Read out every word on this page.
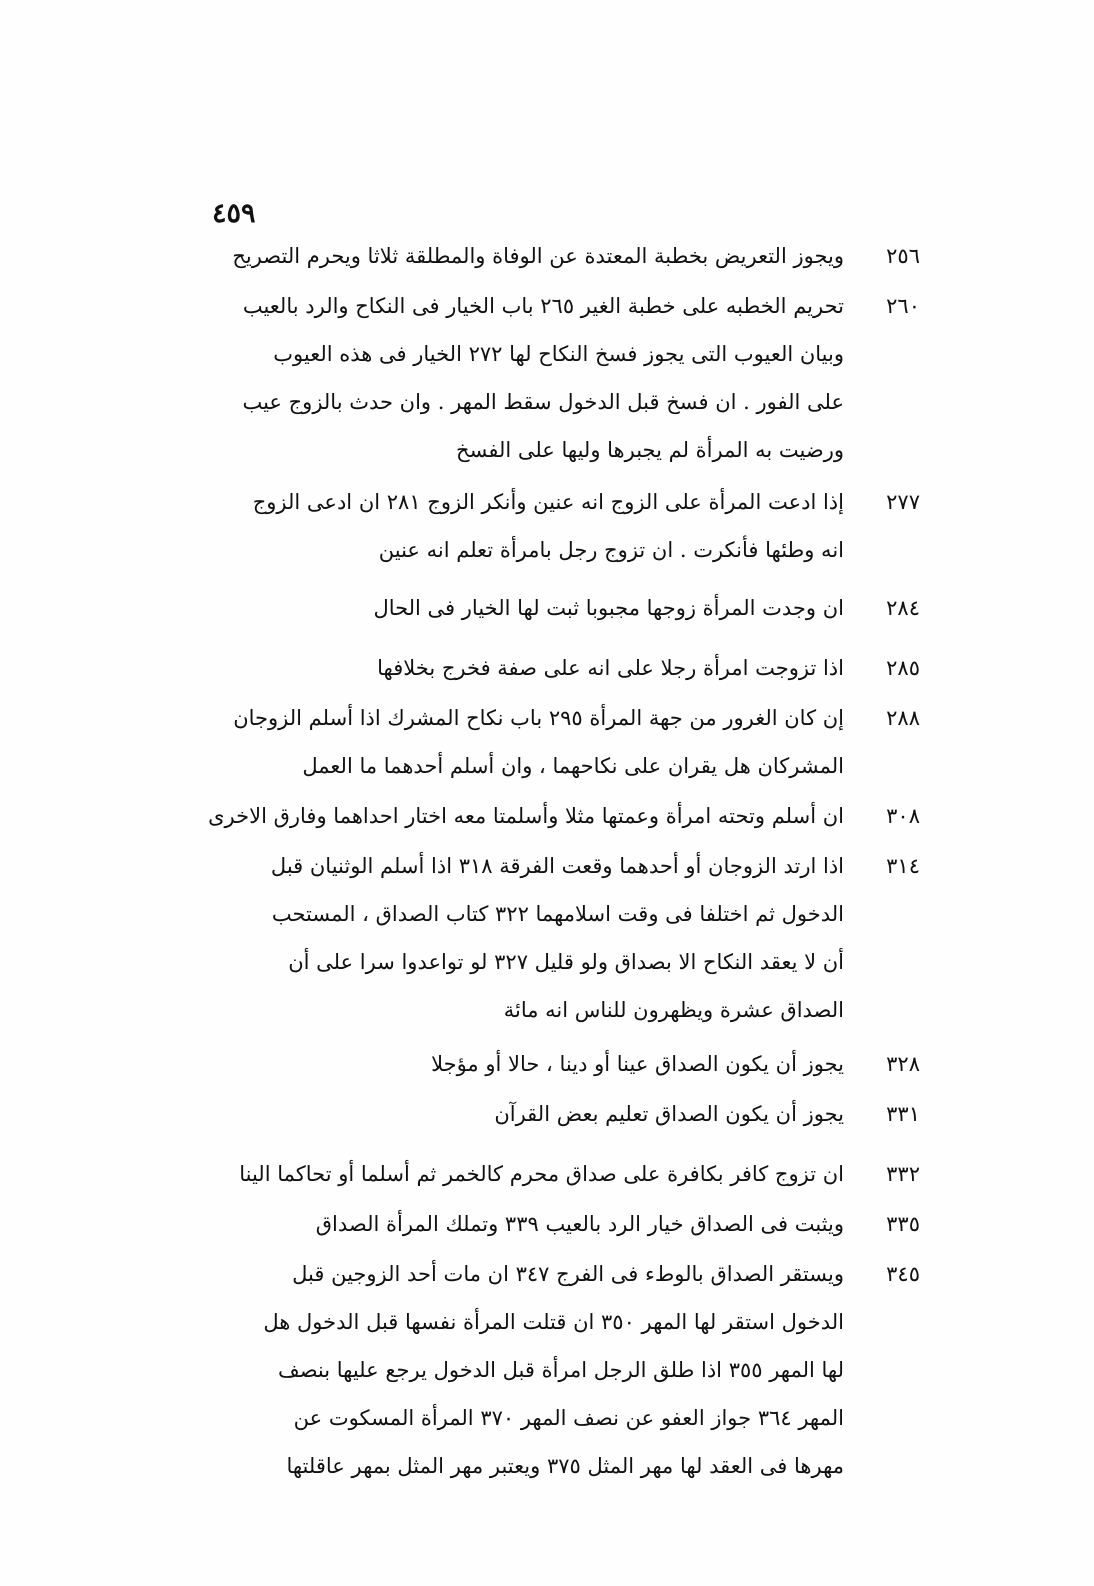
٤٥٩
٢٥٦
ويجوز التعريض بخطبة المعتدة عن الوفاة والمطلقة ثلاثا ويحرم التصريح
٢٦٠
تحريم الخطبه على خطبة الغير ٢٦٥ باب الخيار فى النكاح والرد بالعيب
وبيان العيوب التى يجوز فسخ النكاح لها ٢٧٢ الخيار فى هذه العيوب
على الفور . ان فسخ قبل الدخول سقط المهر . وان حدث بالزوج عيب
ورضيت به المرأة لم يجبرها وليها على الفسخ
٢٧٧
إذا ادعت المرأة على الزوج انه عنين وأنكر الزوج ٢٨١ ان ادعى الزوج
انه وطئها فأنكرت . ان تزوج رجل بامرأة تعلم انه عنين
٢٨٤
ان وجدت المرأة زوجها مجبوبا ثبت لها الخيار فى الحال
٢٨٥
اذا تزوجت امرأة رجلا على انه على صفة فخرج بخلافها
٢٨٨
إن كان الغرور من جهة المرأة ٢٩٥ باب نكاح المشرك اذا أسلم الزوجان
المشركان هل يقران على نكاحهما ، وان أسلم أحدهما ما العمل
٣٠٨
ان أسلم وتحته امرأة وعمتها مثلا وأسلمتا معه اختار احداهما وفارق الاخرى
٣١٤
اذا ارتد الزوجان أو أحدهما وقعت الفرقة ٣١٨ اذا أسلم الوثنيان قبل
الدخول ثم اختلفا فى وقت اسلامهما ٣٢٢ كتاب الصداق ، المستحب
أن لا يعقد النكاح الا بصداق ولو قليل ٣٢٧ لو تواعدوا سرا على أن
الصداق عشرة ويظهرون للناس انه مائة
٣٢٨
يجوز أن يكون الصداق عينا أو دينا ، حالا أو مؤجلا
٣٣١
يجوز أن يكون الصداق تعليم بعض القرآن
٣٣٢
ان تزوج كافر بكافرة على صداق محرم كالخمر ثم أسلما أو تحاكما الينا
٣٣٥
ويثبت فى الصداق خيار الرد بالعيب ٣٣٩ وتملك المرأة الصداق
٣٤٥
ويستقر الصداق بالوطء فى الفرج ٣٤٧ ان مات أحد الزوجين قبل
الدخول استقر لها المهر ٣٥٠ ان قتلت المرأة نفسها قبل الدخول هل
لها المهر ٣٥٥ اذا طلق الرجل امرأة قبل الدخول يرجع عليها بنصف
المهر ٣٦٤ جواز العفو عن نصف المهر ٣٧٠ المرأة المسكوت عن
مهرها فى العقد لها مهر المثل ٣٧٥ ويعتبر مهر المثل بمهر عاقلتها
